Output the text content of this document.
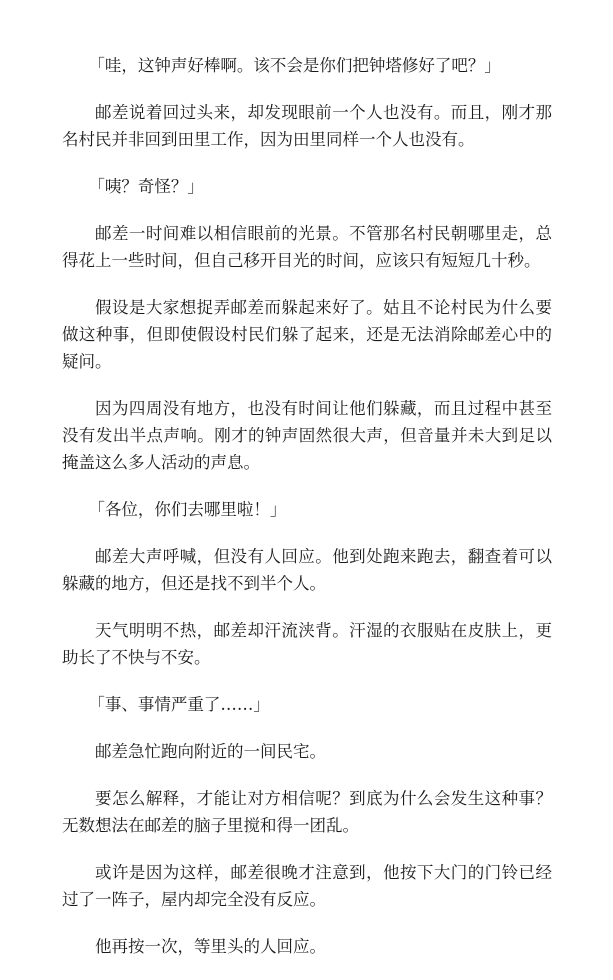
「哇，这钟声好棒啊。该不会是你们把钟塔修好了吧？」

邮差说着回过头来，却发现眼前一个人也没有。而且，刚才那名村民并非回到田里工作，因为田里同样一个人也没有。

「咦？奇怪？」

邮差一时间难以相信眼前的光景。不管那名村民朝哪里走，总得花上一些时间，但自己移开目光的时间，应该只有短短几十秒。

假设是大家想捉弄邮差而躲起来好了。姑且不论村民为什么要做这种事，但即使假设村民们躲了起来，还是无法消除邮差心中的疑问。

因为四周没有地方，也没有时间让他们躲藏，而且过程中甚至没有发出半点声响。刚才的钟声固然很大声，但音量并未大到足以掩盖这么多人活动的声息。

「各位，你们去哪里啦！」

邮差大声呼喊，但没有人回应。他到处跑来跑去，翻查着可以躲藏的地方，但还是找不到半个人。

天气明明不热，邮差却汗流浃背。汗湿的衣服贴在皮肤上，更助长了不快与不安。

「事、事情严重了……」

邮差急忙跑向附近的一间民宅。

要怎么解释，才能让对方相信呢？到底为什么会发生这种事？无数想法在邮差的脑子里搅和得一团乱。

或许是因为这样，邮差很晚才注意到，他按下大门的门铃已经过了一阵子，屋内却完全没有反应。

他再按一次，等里头的人回应。
